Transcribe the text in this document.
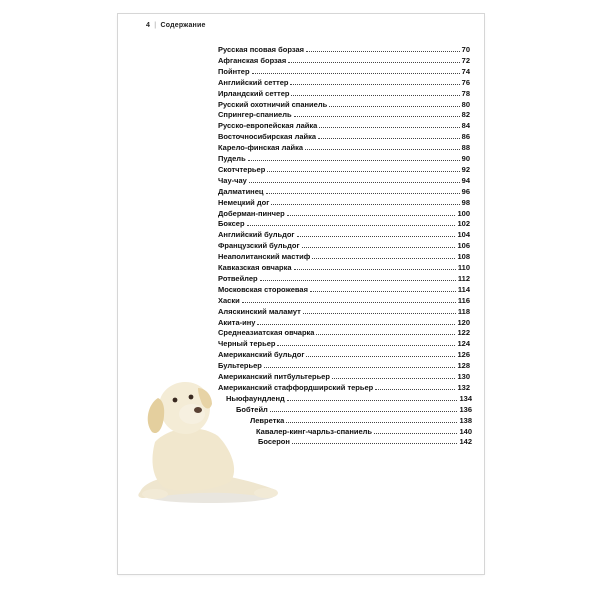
4 | Содержание
Русская псовая борзая	70
Афганская борзая	72
Пойнтер	74
Английский сеттер	76
Ирландский сеттер	78
Русский охотничий спаниель	80
Спрингер-спаниель	82
Русско-европейская лайка	84
Восточносибирская лайка	86
Карело-финская лайка	88
Пудель	90
Скотчтерьер	92
Чау-чау	94
Далматинец	96
Немецкий дог	98
Доберман-пинчер	100
Боксер	102
Английский бульдог	104
Французский бульдог	106
Неаполитанский мастиф	108
Кавказская овчарка	110
Ротвейлер	112
Московская сторожевая	114
Хаски	116
Аляскинский маламут	118
Акита-ину	120
Среднеазиатская овчарка	122
Черный терьер	124
Американский бульдог	126
Бультерьер	128
Американский питбультерьер	130
Американский стаффордширский терьер	132
Ньюфаундленд	134
Бобтейл	136
Левретка	138
Кавалер-кинг-чарльз-спаниель	140
Босерон	142
